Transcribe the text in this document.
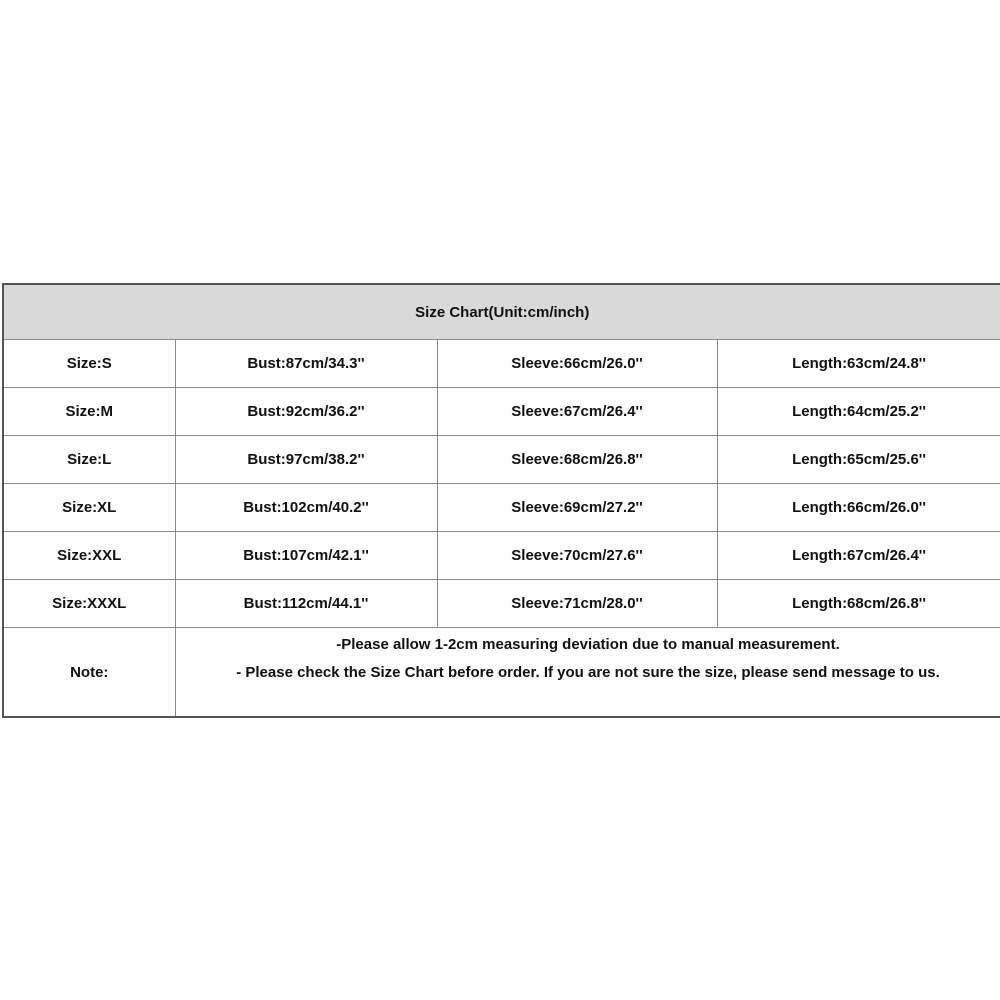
Size Chart(Unit:cm/inch)			
Size:S	Bust:87cm/34.3''	Sleeve:66cm/26.0''	Length:63cm/24.8''
Size:M	Bust:92cm/36.2''	Sleeve:67cm/26.4''	Length:64cm/25.2''
Size:L	Bust:97cm/38.2''	Sleeve:68cm/26.8''	Length:65cm/25.6''
Size:XL	Bust:102cm/40.2''	Sleeve:69cm/27.2''	Length:66cm/26.0''
Size:XXL	Bust:107cm/42.1''	Sleeve:70cm/27.6''	Length:67cm/26.4''
Size:XXXL	Bust:112cm/44.1''	Sleeve:71cm/28.0''	Length:68cm/26.8''
Note:	-Please allow 1-2cm measuring deviation due to manual measurement.
- Please check the Size Chart before order. If you are not sure the size, please send message to us.		
